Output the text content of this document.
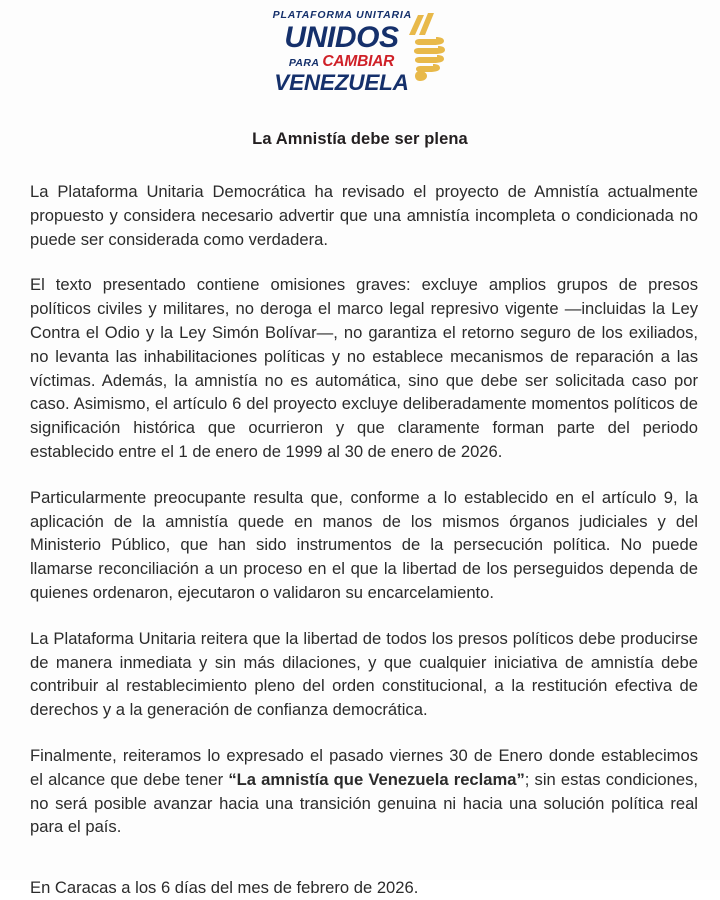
PLATAFORMA UNITARIA
UNIDOS
PARA CAMBIAR
VENEZUELA
La Amnistía debe ser plena

La Plataforma Unitaria Democrática ha revisado el proyecto de Amnistía actualmente propuesto y considera necesario advertir que una amnistía incompleta o condicionada no puede ser considerada como verdadera.

El texto presentado contiene omisiones graves: excluye amplios grupos de presos políticos civiles y militares, no deroga el marco legal represivo vigente —incluidas la Ley Contra el Odio y la Ley Simón Bolívar—, no garantiza el retorno seguro de los exiliados, no levanta las inhabilitaciones políticas y no establece mecanismos de reparación a las víctimas. Además, la amnistía no es automática, sino que debe ser solicitada caso por caso. Asimismo, el artículo 6 del proyecto excluye deliberadamente momentos políticos de significación histórica que ocurrieron y que claramente forman parte del periodo establecido entre el 1 de enero de 1999 al 30 de enero de 2026.

Particularmente preocupante resulta que, conforme a lo establecido en el artículo 9, la aplicación de la amnistía quede en manos de los mismos órganos judiciales y del Ministerio Público, que han sido instrumentos de la persecución política. No puede llamarse reconciliación a un proceso en el que la libertad de los perseguidos dependa de quienes ordenaron, ejecutaron o validaron su encarcelamiento.

La Plataforma Unitaria reitera que la libertad de todos los presos políticos debe producirse de manera inmediata y sin más dilaciones, y que cualquier iniciativa de amnistía debe contribuir al restablecimiento pleno del orden constitucional, a la restitución efectiva de derechos y a la generación de confianza democrática.

Finalmente, reiteramos lo expresado el pasado viernes 30 de Enero donde establecimos el alcance que debe tener “La amnistía que Venezuela reclama”; sin estas condiciones, no será posible avanzar hacia una transición genuina ni hacia una solución política real para el país.

En Caracas a los 6 días del mes de febrero de 2026.
